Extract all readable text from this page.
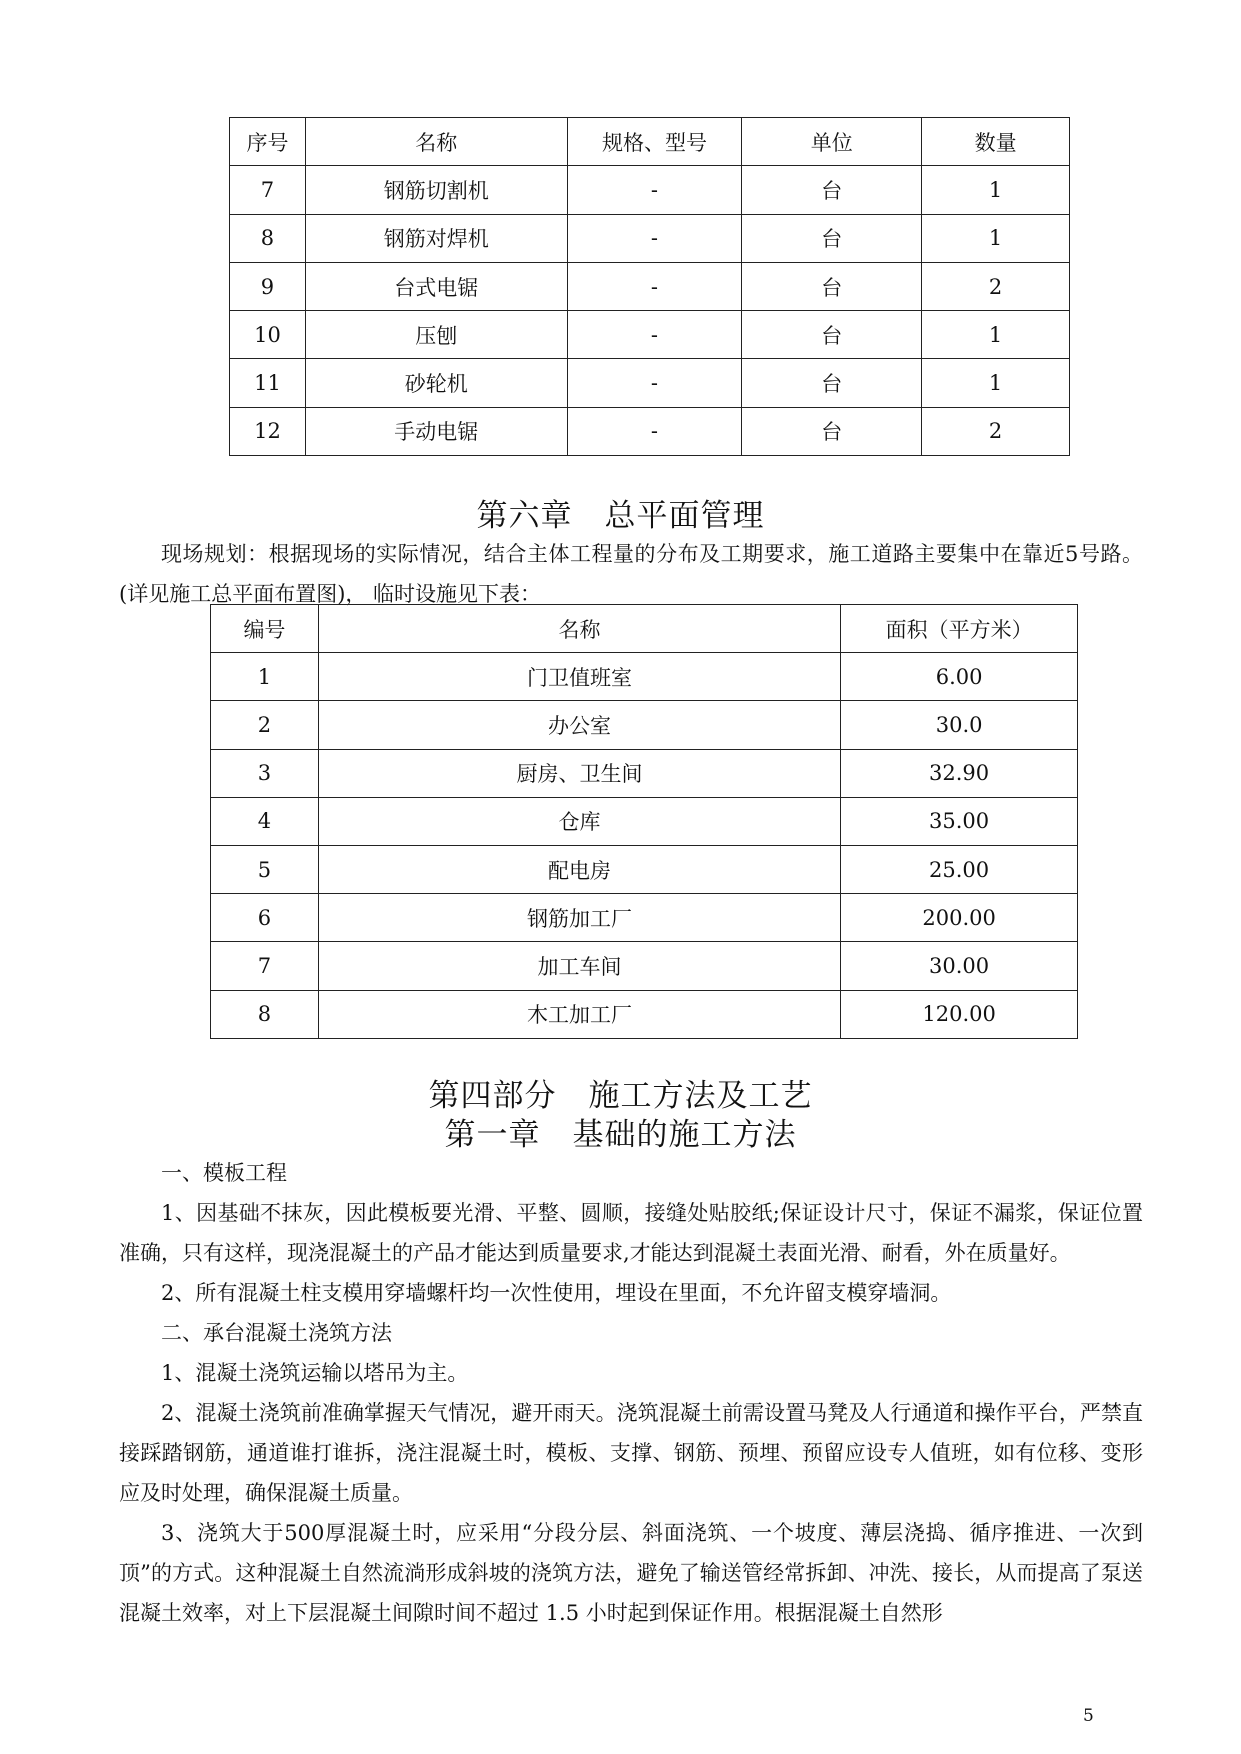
序号	名称	规格、型号	单位	数量
7	钢筋切割机	-	台	1
8	钢筋对焊机	-	台	1
9	台式电锯	-	台	2
10	压刨	-	台	1
11	砂轮机	-	台	1
12	手动电锯	-	台	2
第六章　总平面管理

现场规划：根据现场的实际情况，结合主体工程量的分布及工期要求，施工道路主要集中在靠近5号路。(详见施工总平面布置图)， 临时设施见下表：

编号	名称	面积（平方米）
1	门卫值班室	6.00
2	办公室	30.0
3	厨房、卫生间	32.90
4	仓库	35.00
5	配电房	25.00
6	钢筋加工厂	200.00
7	加工车间	30.00
8	木工加工厂	120.00
第四部分　施工方法及工艺
第一章　基础的施工方法

一、模板工程

1、因基础不抹灰，因此模板要光滑、平整、圆顺，接缝处贴胶纸;保证设计尺寸，保证不漏浆，保证位置准确，只有这样，现浇混凝土的产品才能达到质量要求,才能达到混凝土表面光滑、耐看，外在质量好。

2、所有混凝土柱支模用穿墙螺杆均一次性使用，埋设在里面，不允许留支模穿墙洞。

二、承台混凝土浇筑方法

1、混凝土浇筑运输以塔吊为主。

2、混凝土浇筑前准确掌握天气情况，避开雨天。浇筑混凝土前需设置马凳及人行通道和操作平台，严禁直接踩踏钢筋，通道谁打谁拆，浇注混凝土时，模板、支撑、钢筋、预埋、预留应设专人值班，如有位移、变形应及时处理，确保混凝土质量。

3、浇筑大于500厚混凝土时，应采用“分段分层、斜面浇筑、一个坡度、薄层浇捣、循序推进、一次到顶”的方式。这种混凝土自然流淌形成斜坡的浇筑方法，避免了输送管经常拆卸、冲洗、接长，从而提高了泵送混凝土效率，对上下层混凝土间隙时间不超过 1.5 小时起到保证作用。根据混凝土自然形

5
